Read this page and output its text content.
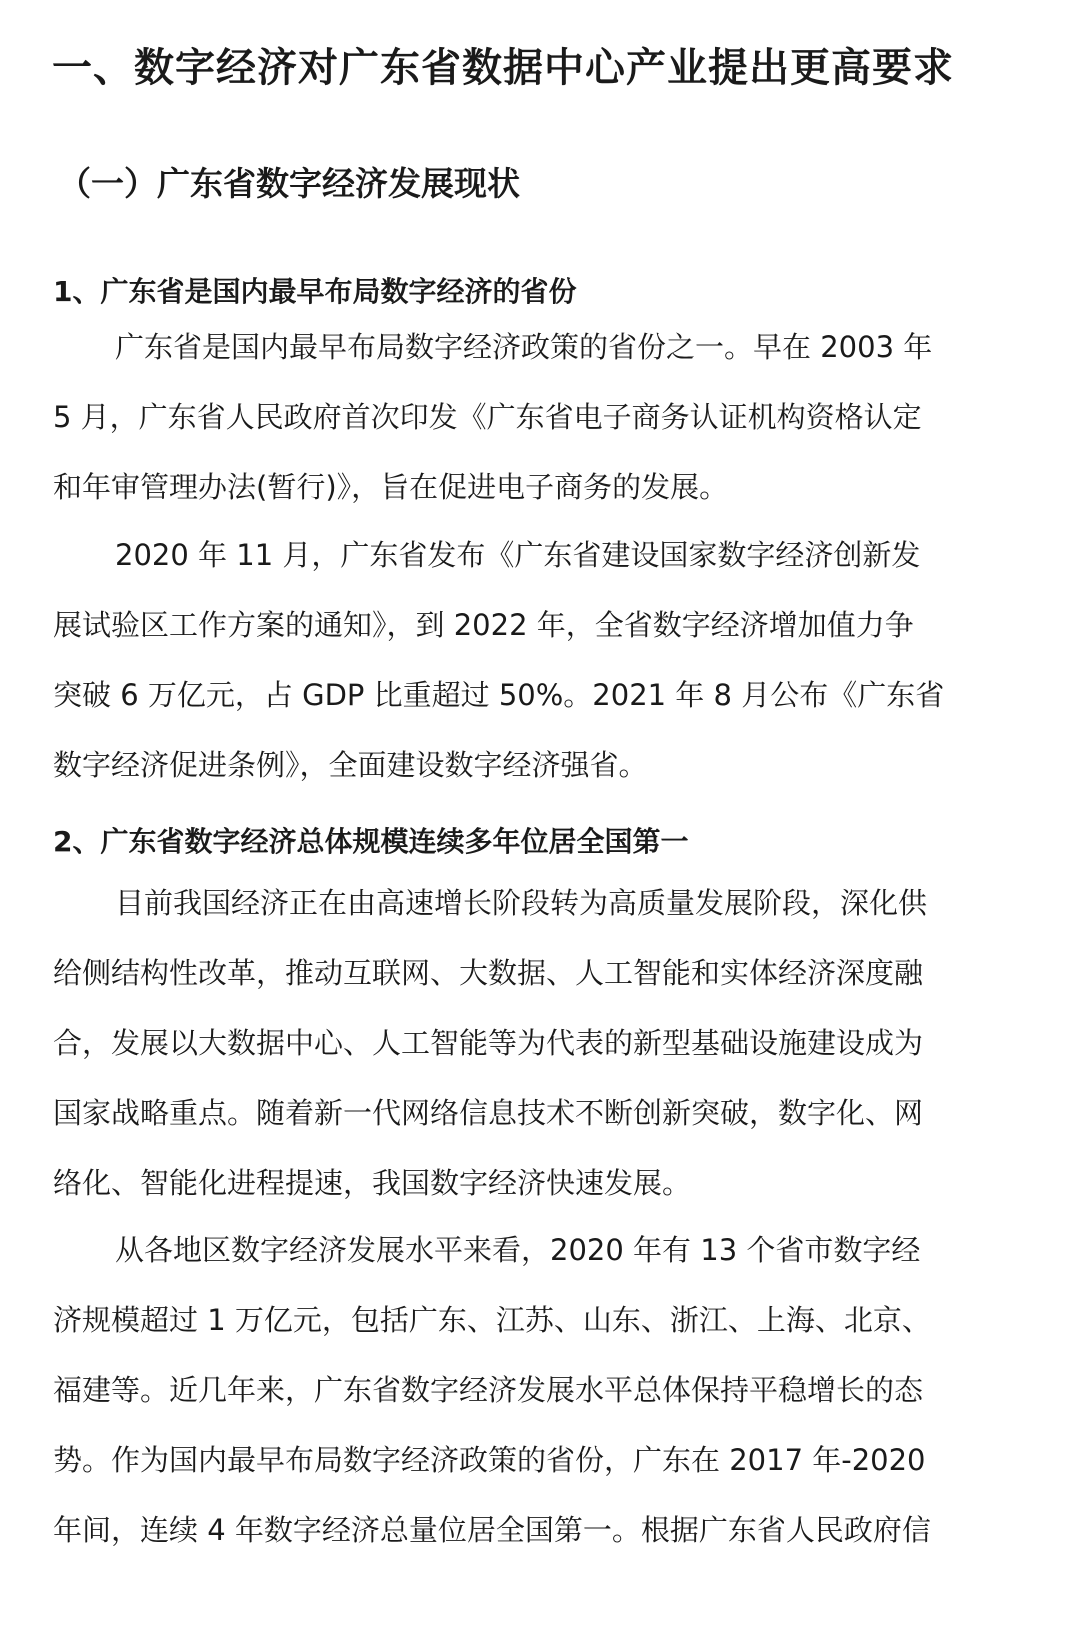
一、数字经济对广东省数据中心产业提出更高要求
（一）广东省数字经济发展现状
1、广东省是国内最早布局数字经济的省份
广东省是国内最早布局数字经济政策的省份之一。早在 2003 年
5 月，广东省人民政府首次印发《广东省电子商务认证机构资格认定
和年审管理办法(暂行)》，旨在促进电子商务的发展。
2020 年 11 月，广东省发布《广东省建设国家数字经济创新发
展试验区工作方案的通知》，到 2022 年，全省数字经济增加值力争
突破 6 万亿元，占 GDP 比重超过 50%。2021 年 8 月公布《广东省
数字经济促进条例》，全面建设数字经济强省。
2、广东省数字经济总体规模连续多年位居全国第一
目前我国经济正在由高速增长阶段转为高质量发展阶段，深化供
给侧结构性改革，推动互联网、大数据、人工智能和实体经济深度融
合，发展以大数据中心、人工智能等为代表的新型基础设施建设成为
国家战略重点。随着新一代网络信息技术不断创新突破，数字化、网
络化、智能化进程提速，我国数字经济快速发展。
从各地区数字经济发展水平来看，2020 年有 13 个省市数字经
济规模超过 1 万亿元，包括广东、江苏、山东、浙江、上海、北京、
福建等。近几年来，广东省数字经济发展水平总体保持平稳增长的态
势。作为国内最早布局数字经济政策的省份，广东在 2017 年-2020
年间，连续 4 年数字经济总量位居全国第一。根据广东省人民政府信
